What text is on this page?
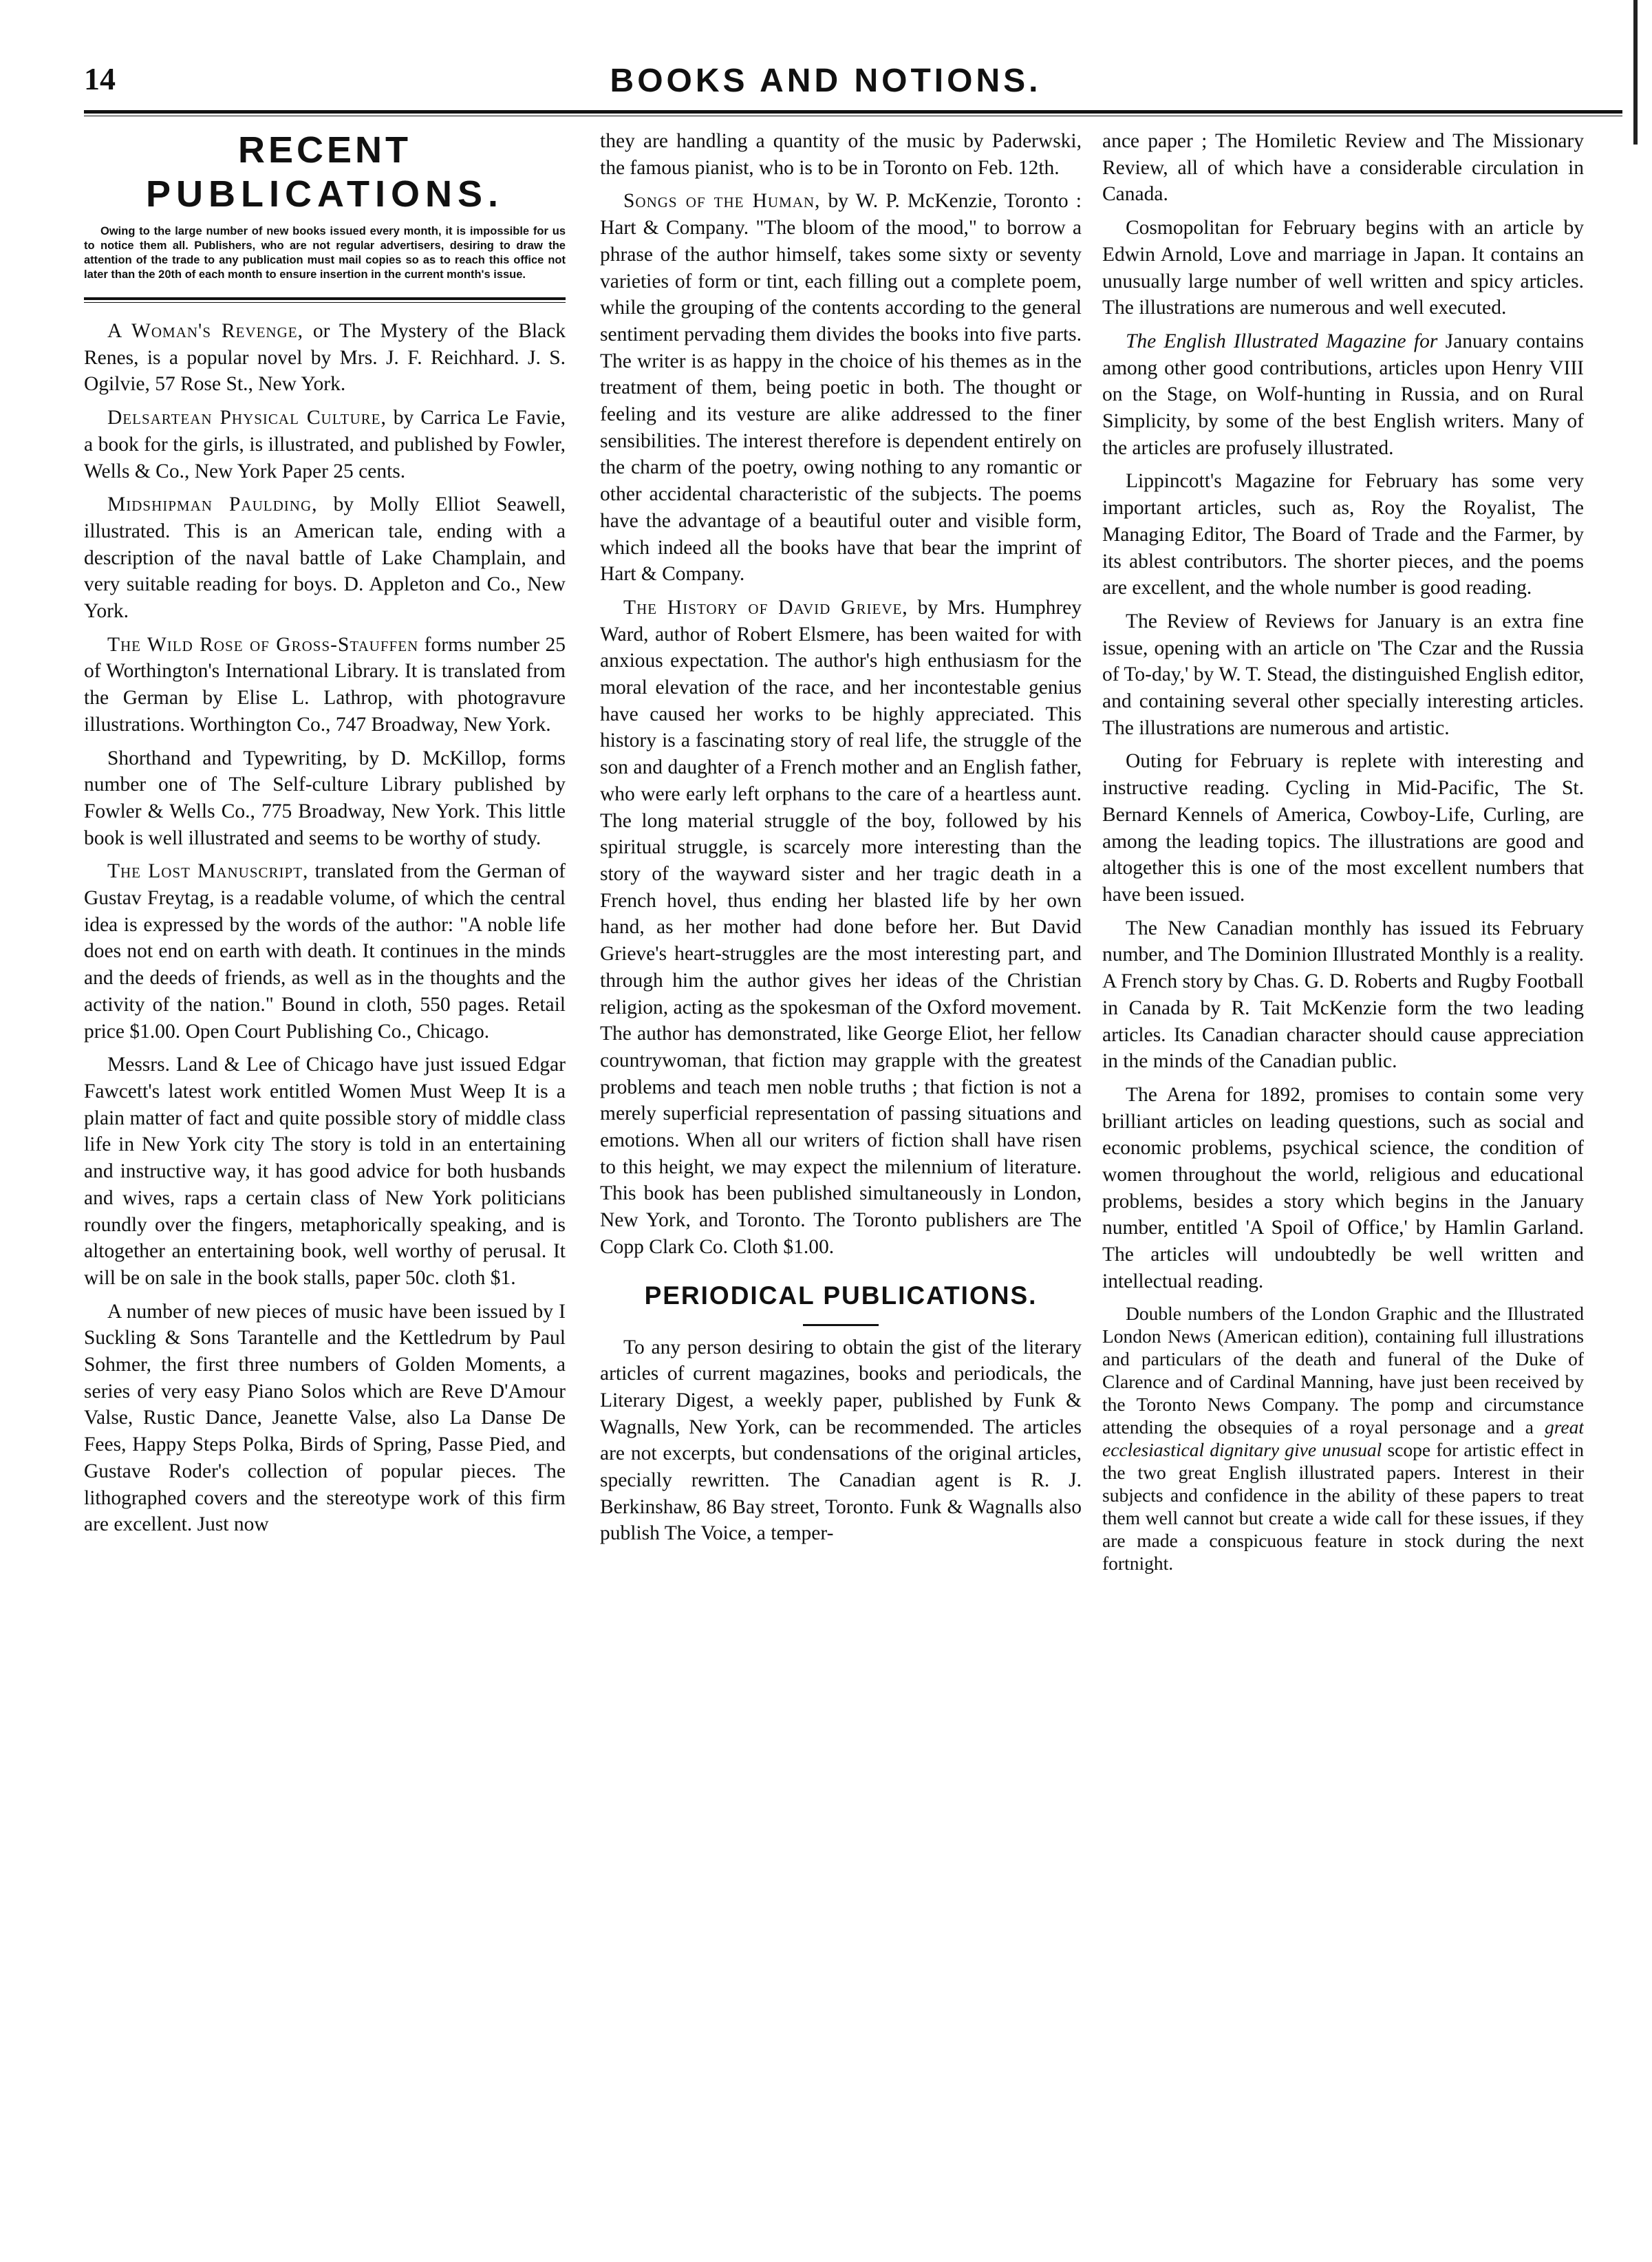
14	BOOKS AND NOTIONS.
RECENT
PUBLICATIONS.
Owing to the large number of new books issued every month, it is impossible for us to notice them all. Publishers, who are not regular advertisers, desiring to draw the attention of the trade to any publication must mail copies so as to reach this office not later than the 20th of each month to ensure insertion in the current month's issue.

A Woman's Revenge, or The Mystery of the Black Renes, is a popular novel by Mrs. J. F. Reichhard. J. S. Ogilvie, 57 Rose St., New York.

Delsartean Physical Culture, by Carrica Le Favie, a book for the girls, is illustrated, and published by Fowler, Wells & Co., New York Paper 25 cents.

Midshipman Paulding, by Molly Elliot Seawell, illustrated. This is an American tale, ending with a description of the naval battle of Lake Champlain, and very suitable reading for boys. D. Appleton and Co., New York.

The Wild Rose of Gross-Stauffen forms number 25 of Worthington's International Library. It is translated from the German by Elise L. Lathrop, with photogravure illustrations. Worthington Co., 747 Broadway, New York.

Shorthand and Typewriting, by D. McKillop, forms number one of The Self-culture Library published by Fowler & Wells Co., 775 Broadway, New York. This little book is well illustrated and seems to be worthy of study.

The Lost Manuscript, translated from the German of Gustav Freytag, is a readable volume, of which the central idea is expressed by the words of the author: "A noble life does not end on earth with death. It continues in the minds and the deeds of friends, as well as in the thoughts and the activity of the nation." Bound in cloth, 550 pages. Retail price $1.00. Open Court Publishing Co., Chicago.

Messrs. Land & Lee of Chicago have just issued Edgar Fawcett's latest work entitled Women Must Weep It is a plain matter of fact and quite possible story of middle class life in New York city The story is told in an entertaining and instructive way, it has good advice for both husbands and wives, raps a certain class of New York politicians roundly over the fingers, metaphorically speaking, and is altogether an entertaining book, well worthy of perusal. It will be on sale in the book stalls, paper 50c. cloth $1.

A number of new pieces of music have been issued by I Suckling & Sons Tarantelle and the Kettledrum by Paul Sohmer, the first three numbers of Golden Moments, a series of very easy Piano Solos which are Reve D'Amour Valse, Rustic Dance, Jeanette Valse, also La Danse De Fees, Happy Steps Polka, Birds of Spring, Passe Pied, and Gustave Roder's collection of popular pieces. The lithographed covers and the stereotype work of this firm are excellent. Just now

they are handling a quantity of the music by Paderwski, the famous pianist, who is to be in Toronto on Feb. 12th.

Songs of the Human, by W. P. McKenzie, Toronto : Hart & Company. "The bloom of the mood," to borrow a phrase of the author himself, takes some sixty or seventy varieties of form or tint, each filling out a complete poem, while the grouping of the contents according to the general sentiment pervading them divides the books into five parts. The writer is as happy in the choice of his themes as in the treatment of them, being poetic in both. The thought or feeling and its vesture are alike addressed to the finer sensibilities. The interest therefore is dependent entirely on the charm of the poetry, owing nothing to any romantic or other accidental characteristic of the subjects. The poems have the advantage of a beautiful outer and visible form, which indeed all the books have that bear the imprint of Hart & Company.

The History of David Grieve, by Mrs. Humphrey Ward, author of Robert Elsmere, has been waited for with anxious expectation. The author's high enthusiasm for the moral elevation of the race, and her incontestable genius have caused her works to be highly appreciated. This history is a fascinating story of real life, the struggle of the son and daughter of a French mother and an English father, who were early left orphans to the care of a heartless aunt. The long material struggle of the boy, followed by his spiritual struggle, is scarcely more interesting than the story of the wayward sister and her tragic death in a French hovel, thus ending her blasted life by her own hand, as her mother had done before her. But David Grieve's heart-struggles are the most interesting part, and through him the author gives her ideas of the Christian religion, acting as the spokesman of the Oxford movement. The author has demonstrated, like George Eliot, her fellow countrywoman, that fiction may grapple with the greatest problems and teach men noble truths ; that fiction is not a merely superficial representation of passing situations and emotions. When all our writers of fiction shall have risen to this height, we may expect the milennium of literature. This book has been published simultaneously in London, New York, and Toronto. The Toronto publishers are The Copp Clark Co. Cloth $1.00.

PERIODICAL PUBLICATIONS.

To any person desiring to obtain the gist of the literary articles of current magazines, books and periodicals, the Literary Digest, a weekly paper, published by Funk & Wagnalls, New York, can be recommended. The articles are not excerpts, but condensations of the original articles, specially rewritten. The Canadian agent is R. J. Berkinshaw, 86 Bay street, Toronto. Funk & Wagnalls also publish The Voice, a temper-

ance paper ; The Homiletic Review and The Missionary Review, all of which have a considerable circulation in Canada.

Cosmopolitan for February begins with an article by Edwin Arnold, Love and marriage in Japan. It contains an unusually large number of well written and spicy articles. The illustrations are numerous and well executed.

The English Illustrated Magazine for January contains among other good contributions, articles upon Henry VIII on the Stage, on Wolf-hunting in Russia, and on Rural Simplicity, by some of the best English writers. Many of the articles are profusely illustrated.

Lippincott's Magazine for February has some very important articles, such as, Roy the Royalist, The Managing Editor, The Board of Trade and the Farmer, by its ablest contributors. The shorter pieces, and the poems are excellent, and the whole number is good reading.

The Review of Reviews for January is an extra fine issue, opening with an article on 'The Czar and the Russia of To-day,' by W. T. Stead, the distinguished English editor, and containing several other specially interesting articles. The illustrations are numerous and artistic.

Outing for February is replete with interesting and instructive reading. Cycling in Mid-Pacific, The St. Bernard Kennels of America, Cowboy-Life, Curling, are among the leading topics. The illustrations are good and altogether this is one of the most excellent numbers that have been issued.

The New Canadian monthly has issued its February number, and The Dominion Illustrated Monthly is a reality. A French story by Chas. G. D. Roberts and Rugby Football in Canada by R. Tait McKenzie form the two leading articles. Its Canadian character should cause appreciation in the minds of the Canadian public.

The Arena for 1892, promises to contain some very brilliant articles on leading questions, such as social and economic problems, psychical science, the condition of women throughout the world, religious and educational problems, besides a story which begins in the January number, entitled 'A Spoil of Office,' by Hamlin Garland. The articles will undoubtedly be well written and intellectual reading.

Double numbers of the London Graphic and the Illustrated London News (American edition), containing full illustrations and particulars of the death and funeral of the Duke of Clarence and of Cardinal Manning, have just been received by the Toronto News Company. The pomp and circumstance attending the obsequies of a royal personage and a great ecclesiastical dignitary give unusual scope for artistic effect in the two great English illustrated papers. Interest in their subjects and confidence in the ability of these papers to treat them well cannot but create a wide call for these issues, if they are made a conspicuous feature in stock during the next fortnight.
